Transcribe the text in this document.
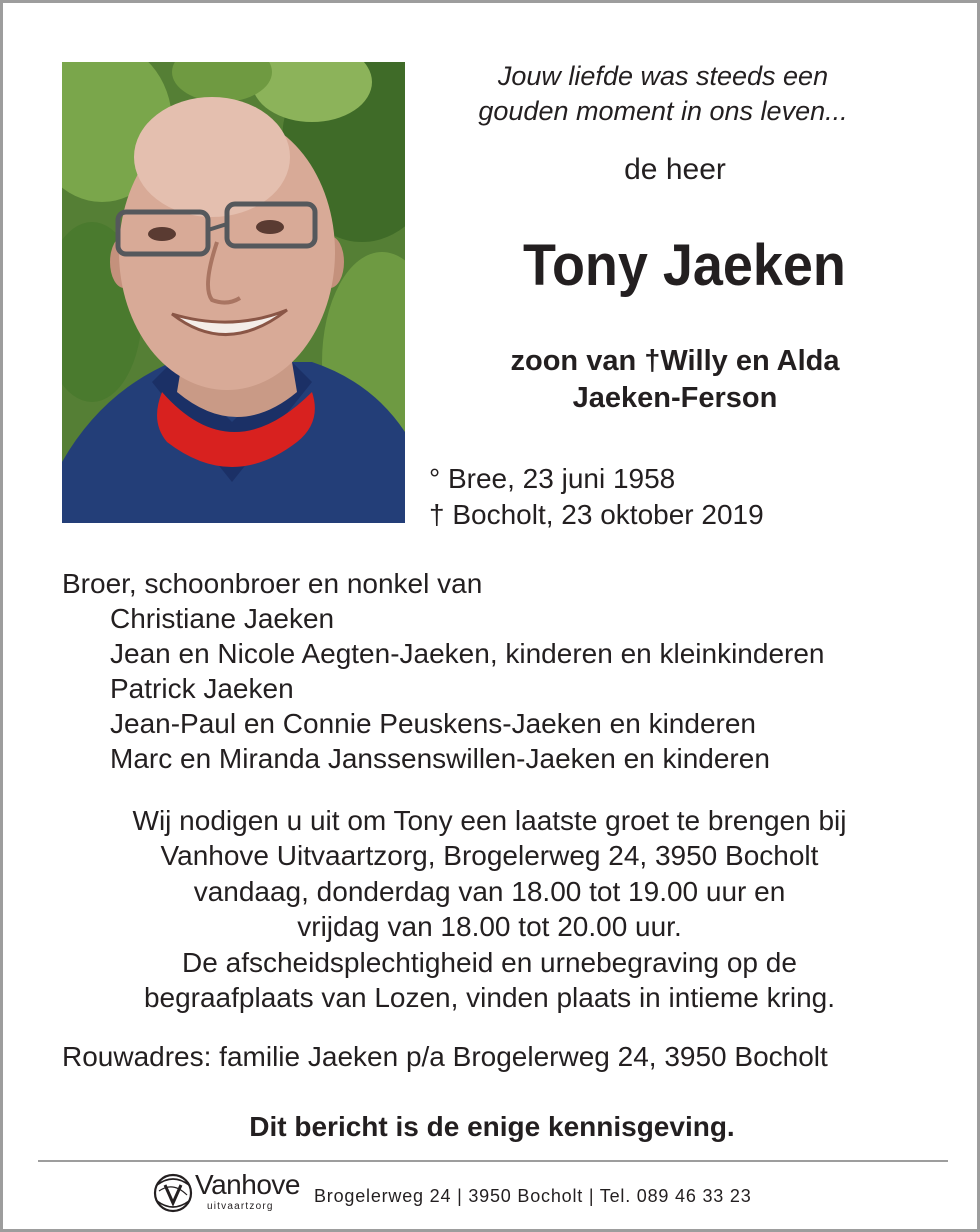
Jouw liefde was steeds een
gouden moment in ons leven...
de heer
Tony Jaeken
zoon van †Willy en Alda
Jaeken-Ferson
° Bree, 23 juni 1958
† Bocholt, 23 oktober 2019
Broer, schoonbroer en nonkel van
Christiane Jaeken
Jean en Nicole Aegten-Jaeken, kinderen en kleinkinderen
Patrick Jaeken
Jean-Paul en Connie Peuskens-Jaeken en kinderen
Marc en Miranda Janssenswillen-Jaeken en kinderen
Wij nodigen u uit om Tony een laatste groet te brengen bij
Vanhove Uitvaartzorg, Brogelerweg 24, 3950 Bocholt
vandaag, donderdag van 18.00 tot 19.00 uur en
vrijdag van 18.00 tot 20.00 uur.
De afscheidsplechtigheid en urnebegraving op de
begraafplaats van Lozen, vinden plaats in intieme kring.
Rouwadres: familie Jaeken p/a Brogelerweg 24, 3950 Bocholt
Dit bericht is de enige kennisgeving.
Vanhove
uitvaartzorg
Brogelerweg 24 | 3950 Bocholt | Tel. 089 46 33 23
